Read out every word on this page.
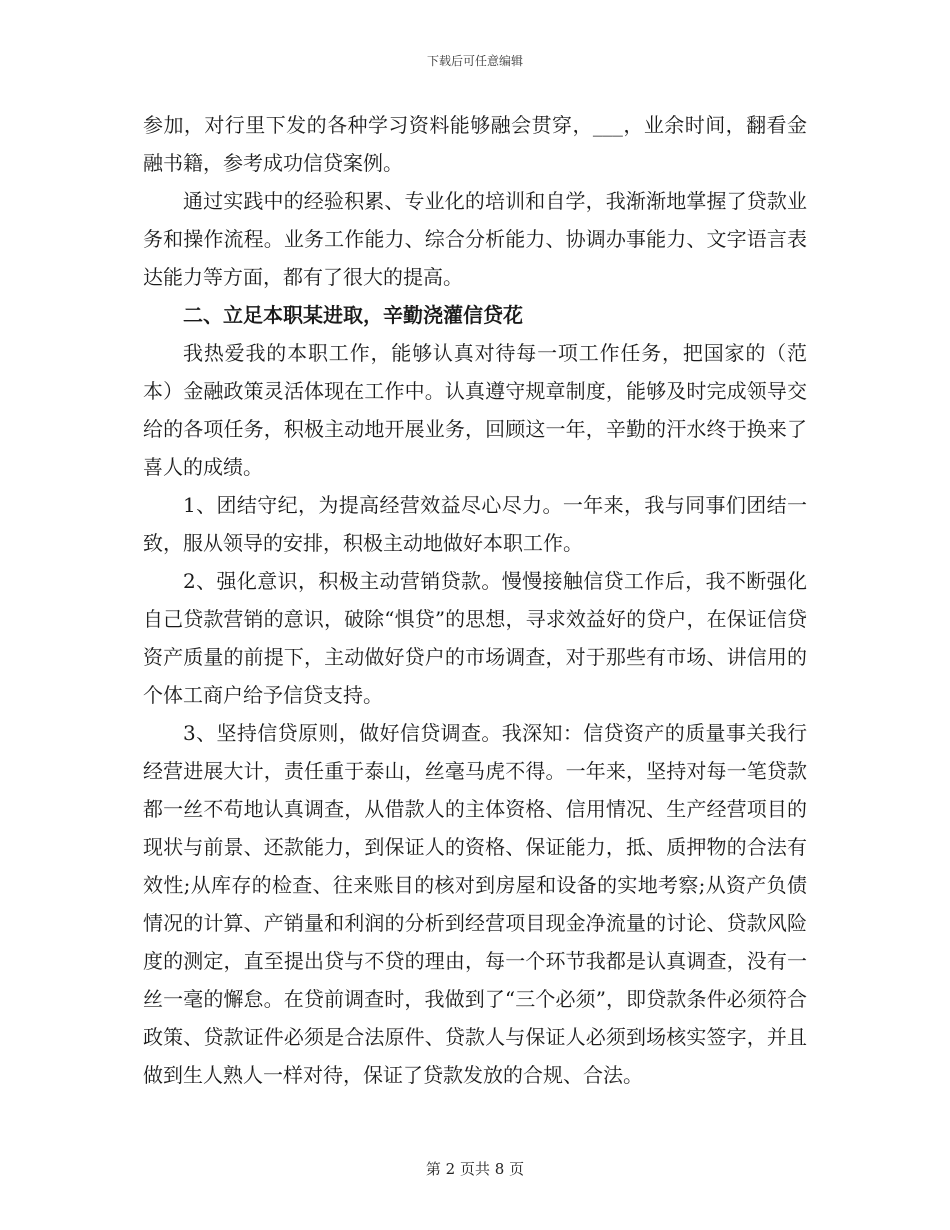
下载后可任意编辑

参加，对行里下发的各种学习资料能够融会贯穿，___，业余时间，翻看金融书籍，参考成功信贷案例。

通过实践中的经验积累、专业化的培训和自学，我渐渐地掌握了贷款业务和操作流程。业务工作能力、综合分析能力、协调办事能力、文字语言表达能力等方面，都有了很大的提高。

二、立足本职某进取，辛勤浇灌信贷花

我热爱我的本职工作，能够认真对待每一项工作任务，把国家的（范本）金融政策灵活体现在工作中。认真遵守规章制度，能够及时完成领导交给的各项任务，积极主动地开展业务，回顾这一年，辛勤的汗水终于换来了喜人的成绩。

1、团结守纪，为提高经营效益尽心尽力。一年来，我与同事们团结一致，服从领导的安排，积极主动地做好本职工作。

2、强化意识，积极主动营销贷款。慢慢接触信贷工作后，我不断强化自己贷款营销的意识，破除“惧贷”的思想，寻求效益好的贷户，在保证信贷资产质量的前提下，主动做好贷户的市场调查，对于那些有市场、讲信用的个体工商户给予信贷支持。

3、坚持信贷原则，做好信贷调查。我深知：信贷资产的质量事关我行经营进展大计，责任重于泰山，丝毫马虎不得。一年来，坚持对每一笔贷款都一丝不苟地认真调查，从借款人的主体资格、信用情况、生产经营项目的现状与前景、还款能力，到保证人的资格、保证能力，抵、质押物的合法有效性;从库存的检查、往来账目的核对到房屋和设备的实地考察;从资产负债情况的计算、产销量和利润的分析到经营项目现金净流量的讨论、贷款风险度的测定，直至提出贷与不贷的理由，每一个环节我都是认真调查，没有一丝一毫的懈怠。在贷前调查时，我做到了“三个必须”，即贷款条件必须符合政策、贷款证件必须是合法原件、贷款人与保证人必须到场核实签字，并且做到生人熟人一样对待，保证了贷款发放的合规、合法。

第 2 页共 8 页
